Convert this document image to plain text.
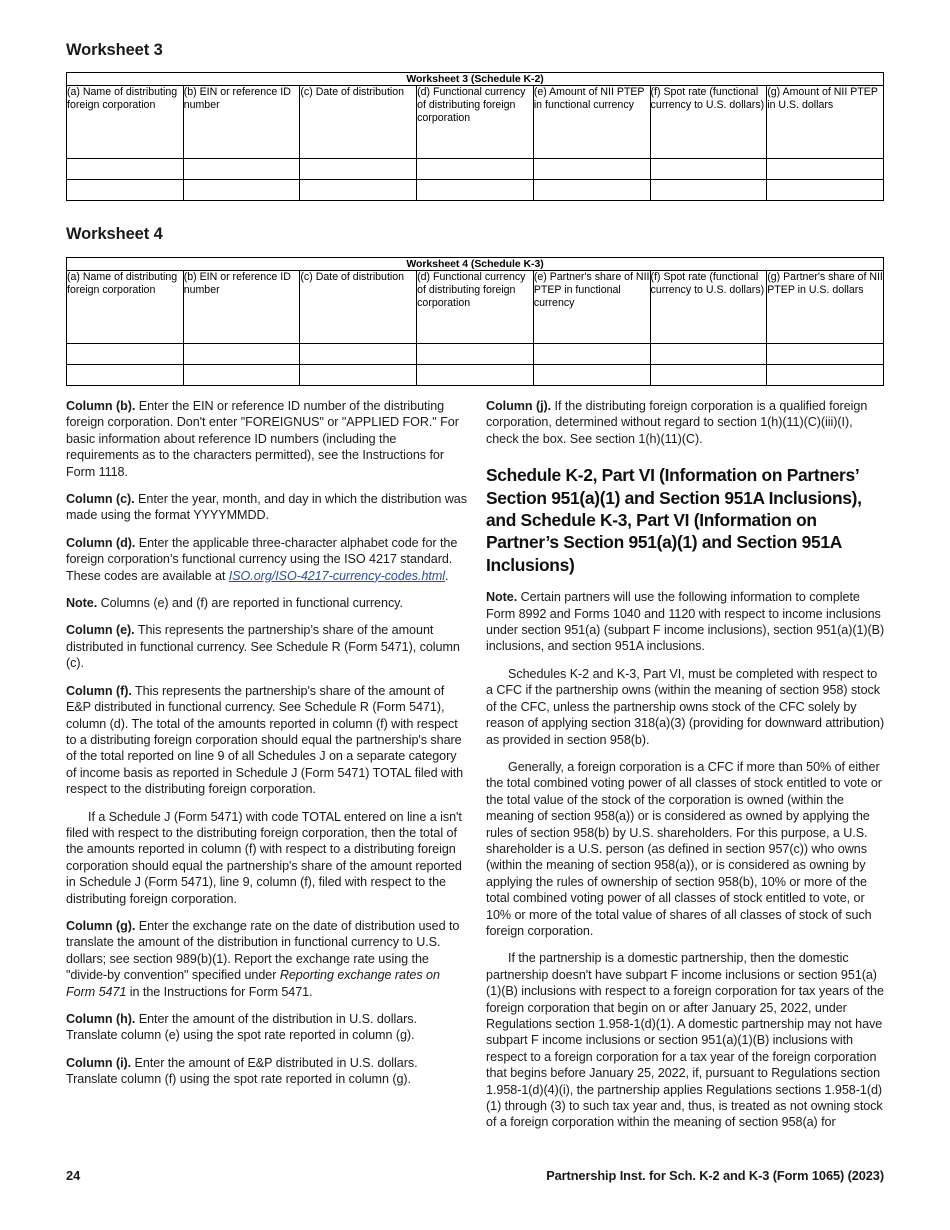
Worksheet 3
Worksheet 3 (Schedule K-2)						
(a) Name of distributing foreign corporation	(b) EIN or reference ID number	(c) Date of distribution	(d) Functional currency of distributing foreign corporation	(e) Amount of NII PTEP in functional currency	(f) Spot rate (functional currency to U.S. dollars)	(g) Amount of NII PTEP in U.S. dollars

Worksheet 4
Worksheet 4 (Schedule K-3)						
(a) Name of distributing foreign corporation	(b) EIN or reference ID number	(c) Date of distribution	(d) Functional currency of distributing foreign corporation	(e) Partner's share of NII PTEP in functional currency	(f) Spot rate (functional currency to U.S. dollars)	(g) Partner's share of NII PTEP in U.S. dollars

Column (b). Enter the EIN or reference ID number of the distributing foreign corporation. Don't enter "FOREIGNUS" or "APPLIED FOR." For basic information about reference ID numbers (including the requirements as to the characters permitted), see the Instructions for Form 1118.

Column (c). Enter the year, month, and day in which the distribution was made using the format YYYYMMDD.

Column (d). Enter the applicable three-character alphabet code for the foreign corporation’s functional currency using the ISO 4217 standard. These codes are available at ISO.org/ISO-4217-currency-codes.html.

Note. Columns (e) and (f) are reported in functional currency.

Column (e). This represents the partnership’s share of the amount distributed in functional currency. See Schedule R (Form 5471), column (c).

Column (f). This represents the partnership's share of the amount of E&P distributed in functional currency. See Schedule R (Form 5471), column (d). The total of the amounts reported in column (f) with respect to a distributing foreign corporation should equal the partnership's share of the total reported on line 9 of all Schedules J on a separate category of income basis as reported in Schedule J (Form 5471) TOTAL filed with respect to the distributing foreign corporation.

If a Schedule J (Form 5471) with code TOTAL entered on line a isn't filed with respect to the distributing foreign corporation, then the total of the amounts reported in column (f) with respect to a distributing foreign corporation should equal the partnership's share of the amount reported in Schedule J (Form 5471), line 9, column (f), filed with respect to the distributing foreign corporation.

Column (g). Enter the exchange rate on the date of distribution used to translate the amount of the distribution in functional currency to U.S. dollars; see section 989(b)(1). Report the exchange rate using the "divide-by convention" specified under Reporting exchange rates on Form 5471 in the Instructions for Form 5471.

Column (h). Enter the amount of the distribution in U.S. dollars. Translate column (e) using the spot rate reported in column (g).

Column (i). Enter the amount of E&P distributed in U.S. dollars. Translate column (f) using the spot rate reported in column (g).

Column (j). If the distributing foreign corporation is a qualified foreign corporation, determined without regard to section 1(h)(11)(C)(iii)(I), check the box. See section 1(h)(11)(C).

Schedule K-2, Part VI (Information on Partners’ Section 951(a)(1) and Section 951A Inclusions), and Schedule K-3, Part VI (Information on Partner’s Section 951(a)(1) and Section 951A Inclusions)

Note. Certain partners will use the following information to complete Form 8992 and Forms 1040 and 1120 with respect to income inclusions under section 951(a) (subpart F income inclusions), section 951(a)(1)(B) inclusions, and section 951A inclusions.

Schedules K-2 and K-3, Part VI, must be completed with respect to a CFC if the partnership owns (within the meaning of section 958) stock of the CFC, unless the partnership owns stock of the CFC solely by reason of applying section 318(a)(3) (providing for downward attribution) as provided in section 958(b).

Generally, a foreign corporation is a CFC if more than 50% of either the total combined voting power of all classes of stock entitled to vote or the total value of the stock of the corporation is owned (within the meaning of section 958(a)) or is considered as owned by applying the rules of section 958(b) by U.S. shareholders. For this purpose, a U.S. shareholder is a U.S. person (as defined in section 957(c)) who owns (within the meaning of section 958(a)), or is considered as owning by applying the rules of ownership of section 958(b), 10% or more of the total combined voting power of all classes of stock entitled to vote, or 10% or more of the total value of shares of all classes of stock of such foreign corporation.

If the partnership is a domestic partnership, then the domestic partnership doesn't have subpart F income inclusions or section 951(a)(1)(B) inclusions with respect to a foreign corporation for tax years of the foreign corporation that begin on or after January 25, 2022, under Regulations section 1.958-1(d)(1). A domestic partnership may not have subpart F income inclusions or section 951(a)(1)(B) inclusions with respect to a foreign corporation for a tax year of the foreign corporation that begins before January 25, 2022, if, pursuant to Regulations section 1.958-1(d)(4)(i), the partnership applies Regulations sections 1.958-1(d)(1) through (3) to such tax year and, thus, is treated as not owning stock of a foreign corporation within the meaning of section 958(a) for

24	Partnership Inst. for Sch. K-2 and K-3 (Form 1065) (2023)
